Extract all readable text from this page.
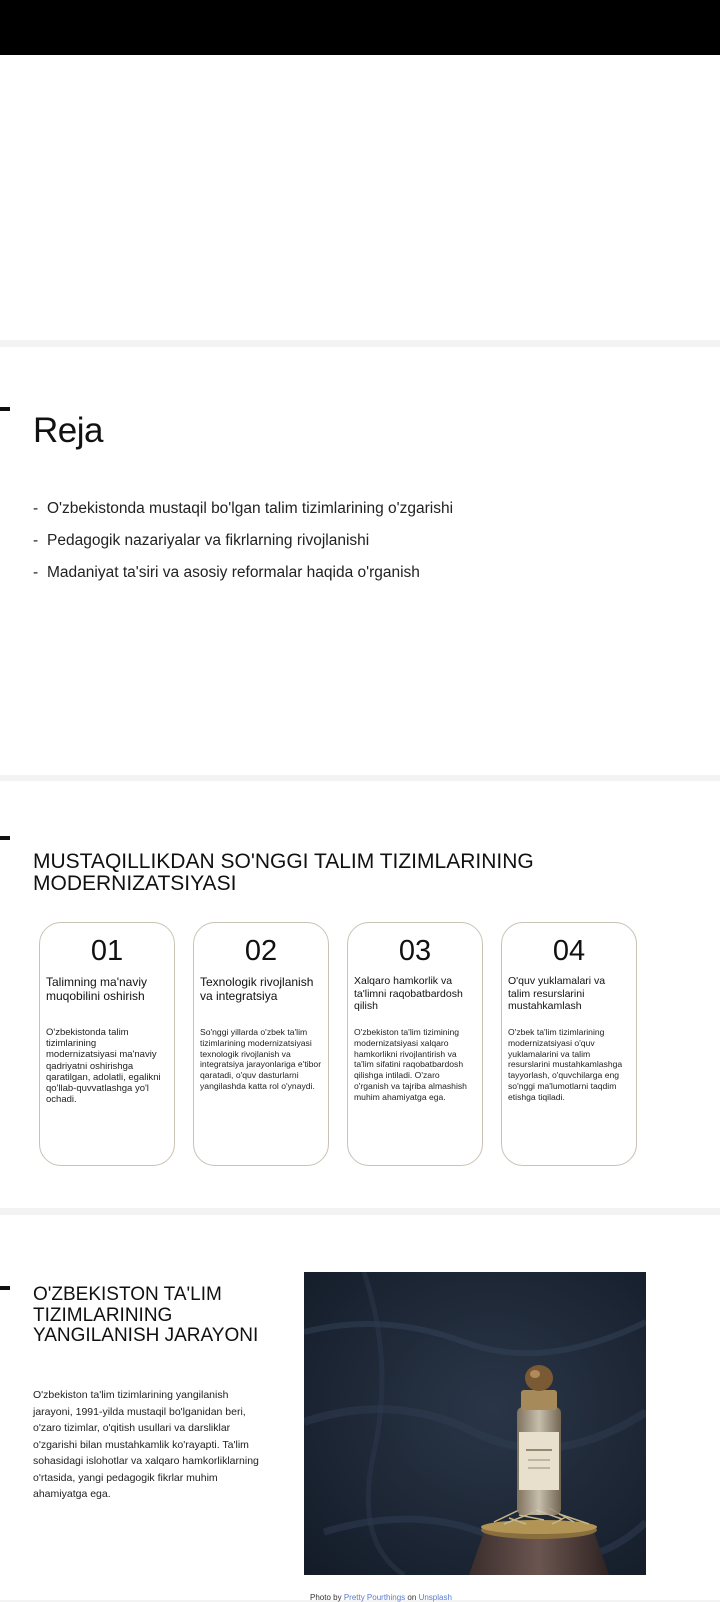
Reja
- O'zbekistonda mustaqil bo'lgan talim tizimlarining o'zgarishi
- Pedagogik nazariyalar va fikrlarning rivojlanishi
- Madaniyat ta'siri va asosiy reformalar haqida o'rganish
MUSTAQILLIKDAN SO'NGGI TALIM TIZIMLARINING MODERNIZATSIYASI
01
Talimning ma'naviy muqobilini oshirish
O'zbekistonda talim tizimlarining modernizatsiyasi ma'naviy qadriyatni oshirishga qaratilgan, adolatli, egalikni qo'llab-quvvatlashga yo'l ochadi.
02
Texnologik rivojlanish va integratsiya
So'nggi yillarda o'zbek ta'lim tizimlarining modernizatsiyasi texnologik rivojlanish va integratsiya jarayonlariga e'tibor qaratadi, o'quv dasturlarni yangilashda katta rol o'ynaydi.
03
Xalqaro hamkorlik va ta'limni raqobatbardosh qilish
O'zbekiston ta'lim tizimining modernizatsiyasi xalqaro hamkorlikni rivojlantirish va ta'lim sifatini raqobatbardosh qilishga intiladi. O'zaro o'rganish va tajriba almashish muhim ahamiyatga ega.
04
O'quv yuklamalari va talim resurslarini mustahkamlash
O'zbek ta'lim tizimlarining modernizatsiyasi o'quv yuklamalarini va talim resurslarini mustahkamlashga tayyorlash, o'quvchilarga eng so'nggi ma'lumotlarni taqdim etishga tiqiladi.
O'ZBEKISTON TA'LIM TIZIMLARINING YANGILANISH JARAYONI

O'zbekiston ta'lim tizimlarining yangilanish jarayoni, 1991-yilda mustaqil bo'lganidan beri, o'zaro tizimlar, o'qitish usullari va darsliklar o'zgarishi bilan mustahkamlik ko'rayapti. Ta'lim sohasidagi islohotlar va xalqaro hamkorliklarning o'rtasida, yangi pedagogik fikrlar muhim ahamiyatga ega.

Photo by Pretty Pourthings on Unsplash
